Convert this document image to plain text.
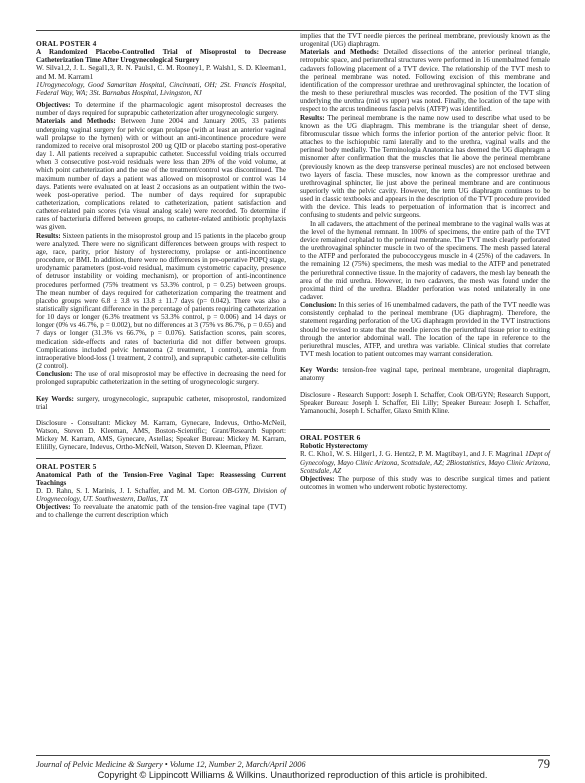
ORAL POSTER 4

A Randomized Placebo-Controlled Trial of Misoprostol to Decrease Catheterization Time After Urogynecological Surgery

W. Silva1,2, J. L. Segal1,3, R. N. Pauls1, C. M. Rooney1, P. Walsh1, S. D. Kleeman1, and M. M. Karram1

1Urogynecology, Good Samaritan Hospital, Cincinnati, OH; 2St. Francis Hospital, Federal Way, WA; 3St. Barnabas Hospital, Livingston, NJ

Objectives: To determine if the pharmacologic agent misoprostol decreases the number of days required for suprapubic catheterization after urogynecologic surgery.

Materials and Methods: Between June 2004 and January 2005, 33 patients undergoing vaginal surgery for pelvic organ prolapse (with at least an anterior vaginal wall prolapse to the hymen) with or without an anti-incontinence procedure were randomized to receive oral misoprostol 200 ug QID or placebo starting post-operative day 1. All patients received a suprapubic catheter. Successful voiding trials occurred when 3 consecutive post-void residuals were less than 20% of the void volume, at which point catheterization and the use of the treatment/control was discontinued. The maximum number of days a patient was allowed on misoprostol or control was 14 days. Patients were evaluated on at least 2 occasions as an outpatient within the two-week post-operative period. The number of days required for suprapubic catheterization, complications related to catheterization, patient satisfaction and catheter-related pain scores (via visual analog scale) were recorded. To determine if rates of bacteriuria differed between groups, no catheter-related antibiotic prophylaxis was given.

Results: Sixteen patients in the misoprostol group and 15 patients in the placebo group were analyzed. There were no significant differences between groups with respect to age, race, parity, prior history of hysterectomy, prolapse or anti-incontinence procedure, or BMI. In addition, there were no differences in pre-operative POPQ stage, urodynamic parameters (post-void residual, maximum cystometric capacity, presence of detrusor instability or voiding mechanism), or proportion of anti-incontinence procedures performed (75% treatment vs 53.3% control, p = 0.25) between groups. The mean number of days required for catheterization comparing the treatment and placebo groups were 6.8 ± 3.8 vs 13.8 ± 11.7 days (p= 0.042). There was also a statistically significant difference in the percentage of patients requiring catheterization for 10 days or longer (6.3% treatment vs 53.3% control, p = 0.006) and 14 days or longer (0% vs 46.7%, p = 0.002), but no differences at 3 (75% vs 86.7%, p = 0.65) and 7 days or longer (31.3% vs 66.7%, p = 0.076). Satisfaction scores, pain scores, medication side-effects and rates of bacteriuria did not differ between groups. Complications included pelvic hematoma (2 treatment, 1 control), anemia from intraoperative blood-loss (1 treatment, 2 control), and suprapubic catheter-site cellulitis (2 control).

Conclusion: The use of oral misoprostol may be effective in decreasing the need for prolonged suprapubic catheterization in the setting of urogynecologic surgery.

Key Words: surgery, urogynecologic, suprapubic catheter, misoprostol, randomized trial

Disclosure - Consultant: Mickey M. Karram, Gynecare, Indevus, Ortho-McNeil, Watson, Steven D. Kleeman, AMS, Boston-Scientific; Grant/Research Support: Mickey M. Karram, AMS, Gynecare, Astellas; Speaker Bureau: Mickey M. Karram, Elililly, Gynecare, Indevus, Ortho-McNeil, Watson, Steven D. Kleeman, Pfizer.

ORAL POSTER 5

Anatomical Path of the Tension-Free Vaginal Tape: Reassessing Current Teachings

D. D. Rahn, S. I. Marinis, J. I. Schaffer, and M. M. Corton OB-GYN, Division of Urogynecology, UT. Southwestern, Dallas, TX

Objectives: To reevaluate the anatomic path of the tension-free vaginal tape (TVT) and to challenge the current description which

implies that the TVT needle pierces the perineal membrane, previously known as the urogenital (UG) diaphragm.

Materials and Methods: Detailed dissections of the anterior perineal triangle, retropubic space, and periurethral structures were performed in 16 unembalmed female cadavers following placement of a TVT device. The relationship of the TVT mesh to the perineal membrane was noted. Following excision of this membrane and identification of the compressor urethrae and urethrovaginal sphincter, the location of the mesh to these periurethral muscles was recorded. The position of the TVT sling underlying the urethra (mid vs upper) was noted. Finally, the location of the tape with respect to the arcus tendineous fascia pelvis (ATFP) was identified.

Results: The perineal membrane is the name now used to describe what used to be known as the UG diaphragm. This membrane is the triangular sheet of dense, fibromuscular tissue which forms the inferior portion of the anterior pelvic floor. It attaches to the ischiopubic rami laterally and to the urethra, vaginal walls and the perineal body medially. The Terminologia Anatomica has deemed the UG diaphragm a misnomer after confirmation that the muscles that lie above the perineal membrane (previously known as the deep transverse perineal muscles) are not enclosed between two layers of fascia. These muscles, now known as the compressor urethrae and urethrovaginal sphincter, lie just above the perineal membrane and are continuous superiorly with the pelvic cavity. However, the term UG diaphragm continues to be used in classic textbooks and appears in the description of the TVT procedure provided with the device. This leads to perpetuation of information that is incorrect and confusing to students and pelvic surgeons.

In all cadavers, the attachment of the perineal membrane to the vaginal walls was at the level of the hymenal remnant. In 100% of specimens, the entire path of the TVT device remained cephalad to the perineal membrane. The TVT mesh clearly perforated the urethrovaginal sphincter muscle in two of the specimens. The mesh passed lateral to the ATFP and perforated the pubococcygeus muscle in 4 (25%) of the cadavers. In the remaining 12 (75%) specimens, the mesh was medial to the ATFP and penetrated the periurethral connective tissue. In the majority of cadavers, the mesh lay beneath the area of the mid urethra. However, in two cadavers, the mesh was found under the proximal third of the urethra. Bladder perforation was noted unilaterally in one cadaver.

Conclusion: In this series of 16 unembalmed cadavers, the path of the TVT needle was consistently cephalad to the perineal membrane (UG diaphragm). Therefore, the statement regarding perforation of the UG diaphragm provided in the TVT instructions should be revised to state that the needle pierces the periurethral tissue prior to exiting through the anterior abdominal wall. The location of the tape in reference to the periurethral muscles, ATFP, and urethra was variable. Clinical studies that correlate TVT mesh location to patient outcomes may warrant consideration.

Key Words: tension-free vaginal tape, perineal membrane, urogenital diaphragm, anatomy

Disclosure - Research Support: Joseph I. Schaffer, Cook OB/GYN; Research Support, Speaker Bureau: Joseph I. Schaffer, Eli Lilly; Speaker Bureau: Joseph I. Schaffer, Yamanouchi, Joseph I. Schaffer, Glaxo Smith Kline.

ORAL POSTER 6

Robotic Hysterectomy

R. C. Kho1, W. S. Hilger1, J. G. Hentz2, P. M. Magtibay1, and J. F. Magrina1 1Dept of Gynecology, Mayo Clinic Arizona, Scottsdale, AZ; 2Biostatistics, Mayo Clinic Arizona, Scottsdale, AZ

Objectives: The purpose of this study was to describe surgical times and patient outcomes in women who underwent robotic hysterectomy.

Journal of Pelvic Medicine & Surgery • Volume 12, Number 2, March/April 2006	79
Copyright © Lippincott Williams & Wilkins. Unauthorized reproduction of this article is prohibited.
